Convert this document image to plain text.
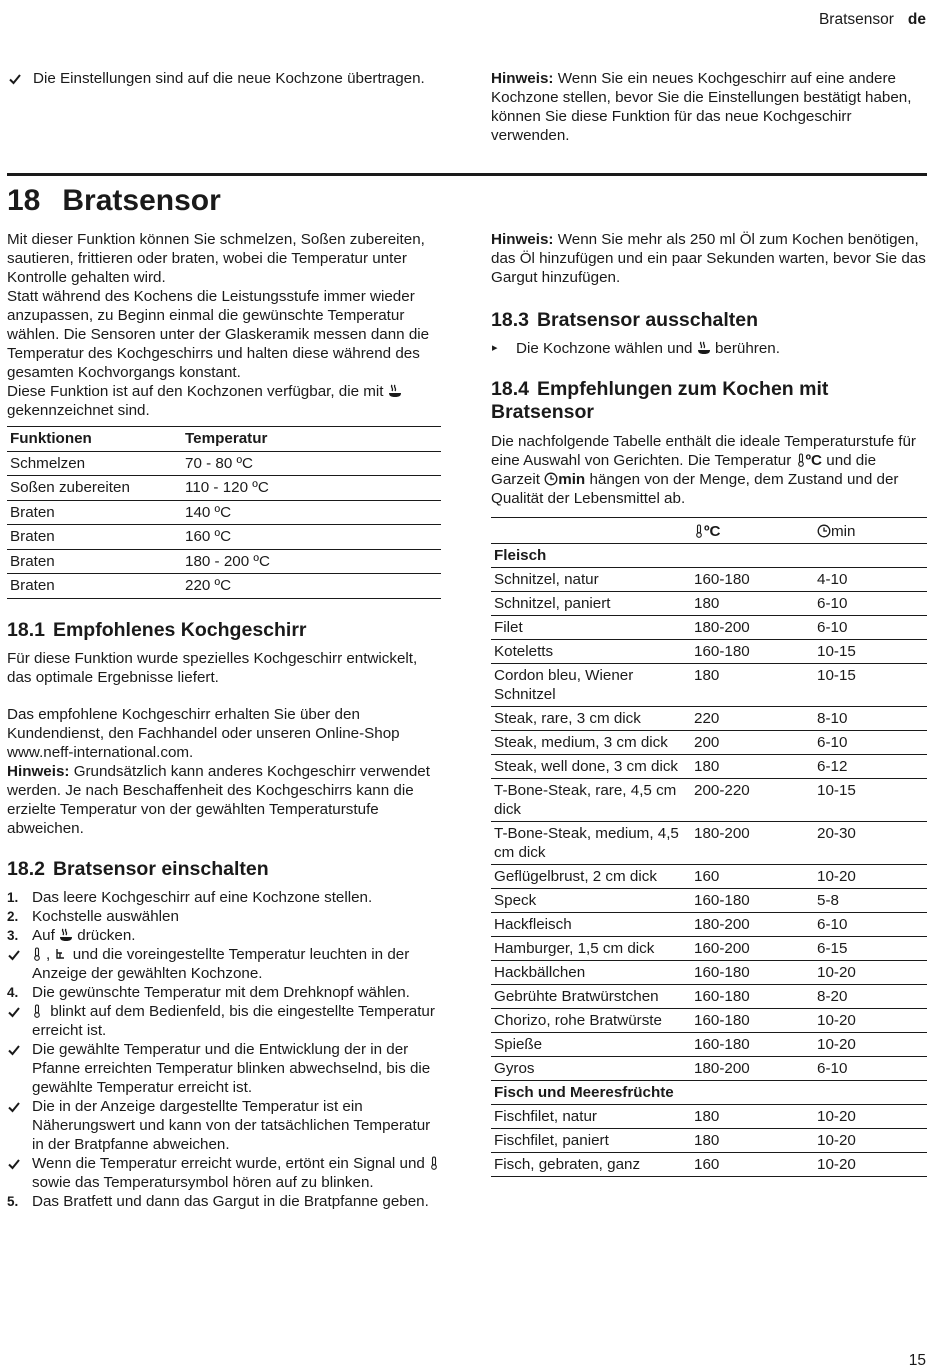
Bratsensor de

Die Einstellungen sind auf die neue Kochzone übertragen.	Hinweis: Wenn Sie ein neues Kochgeschirr auf eine andere Kochzone stellen, bevor Sie die Einstellungen bestätigt haben, können Sie diese Funktion für das neue Kochgeschirr verwenden.

18 Bratsensor

Mit dieser Funktion können Sie schmelzen, Soßen zubereiten, sautieren, frittieren oder braten, wobei die Temperatur unter Kontrolle gehalten wird.

Statt während des Kochens die Leistungsstufe immer wieder anzupassen, zu Beginn einmal die gewünschte Temperatur wählen. Die Sensoren unter der Glaskeramik messen dann die Temperatur des Kochgeschirrs und halten diese während des gesamten Kochvorgangs konstant.

Diese Funktion ist auf den Kochzonen verfügbar, die mit
gekennzeichnet sind.

Funktionen	Temperatur
Schmelzen	70 - 80 ºC
Soßen zubereiten	110 - 120 ºC
Braten	140 ºC
Braten	160 ºC
Braten	180 - 200 ºC
Braten	220 ºC
18.1 Empfohlenes Kochgeschirr

Für diese Funktion wurde spezielles Kochgeschirr entwickelt, das optimale Ergebnisse liefert.

Das empfohlene Kochgeschirr erhalten Sie über den Kundendienst, den Fachhandel oder unseren Online-Shop www.neff-international.com.

Hinweis: Grundsätzlich kann anderes Kochgeschirr verwendet werden. Je nach Beschaffenheit des Kochgeschirrs kann die erzielte Temperatur von der gewählten Temperaturstufe abweichen.

18.2 Bratsensor einschalten
1. Das leere Kochgeschirr auf eine Kochzone stellen.
2. Kochstelle auswählen
3. Auf drücken.
,
und die voreingestellte Temperatur leuchten in der Anzeige der gewählten Kochzone.
4. Die gewünschte Temperatur mit dem Drehknopf wählen.
blinkt auf dem Bedienfeld, bis die eingestellte Temperatur erreicht ist.
Die gewählte Temperatur und die Entwicklung der in der Pfanne erreichten Temperatur blinken abwechselnd, bis die gewählte Temperatur erreicht ist.
Die in der Anzeige dargestellte Temperatur ist ein Näherungswert und kann von der tatsächlichen Temperatur in der Bratpfanne abweichen.
Wenn die Temperatur erreicht wurde, ertönt ein Signal und
sowie das Temperatursymbol hören auf zu blinken.
5. Das Bratfett und dann das Gargut in die Bratpfanne geben.

Hinweis: Wenn Sie mehr als 250 ml Öl zum Kochen benötigen, das Öl hinzufügen und ein paar Sekunden warten, bevor Sie das Gargut hinzufügen.

18.3 Bratsensor ausschalten

▸ Die Kochzone wählen und berühren.

18.4 Empfehlungen zum Kochen mit Bratsensor

Die nachfolgende Tabelle enthält die ideale Temperaturstufe für eine Auswahl von Gerichten. Die Temperatur ºC und die Garzeit min hängen von der Menge, dem Zustand und der Qualität der Lebensmittel ab.

ºC	min
Fleisch		
Schnitzel, natur	160-180	4-10
Schnitzel, paniert	180	6-10
Filet	180-200	6-10
Koteletts	160-180	10-15
Cordon bleu, Wiener Schnitzel	180	10-15
Steak, rare, 3 cm dick	220	8-10
Steak, medium, 3 cm dick	200	6-10
Steak, well done, 3 cm dick	180	6-12
T-Bone-Steak, rare, 4,5 cm dick	200-220	10-15
T-Bone-Steak, medium, 4,5 cm dick	180-200	20-30
Geflügelbrust, 2 cm dick	160	10-20
Speck	160-180	5-8
Hackfleisch	180-200	6-10
Hamburger, 1,5 cm dick	160-200	6-15
Hackbällchen	160-180	10-20
Gebrühte Bratwürstchen	160-180	8-20
Chorizo, rohe Bratwürste	160-180	10-20
Spieße	160-180	10-20
Gyros	180-200	6-10
Fisch und Meeresfrüchte		
Fischfilet, natur	180	10-20
Fischfilet, paniert	180	10-20
Fisch, gebraten, ganz	160	10-20
15
